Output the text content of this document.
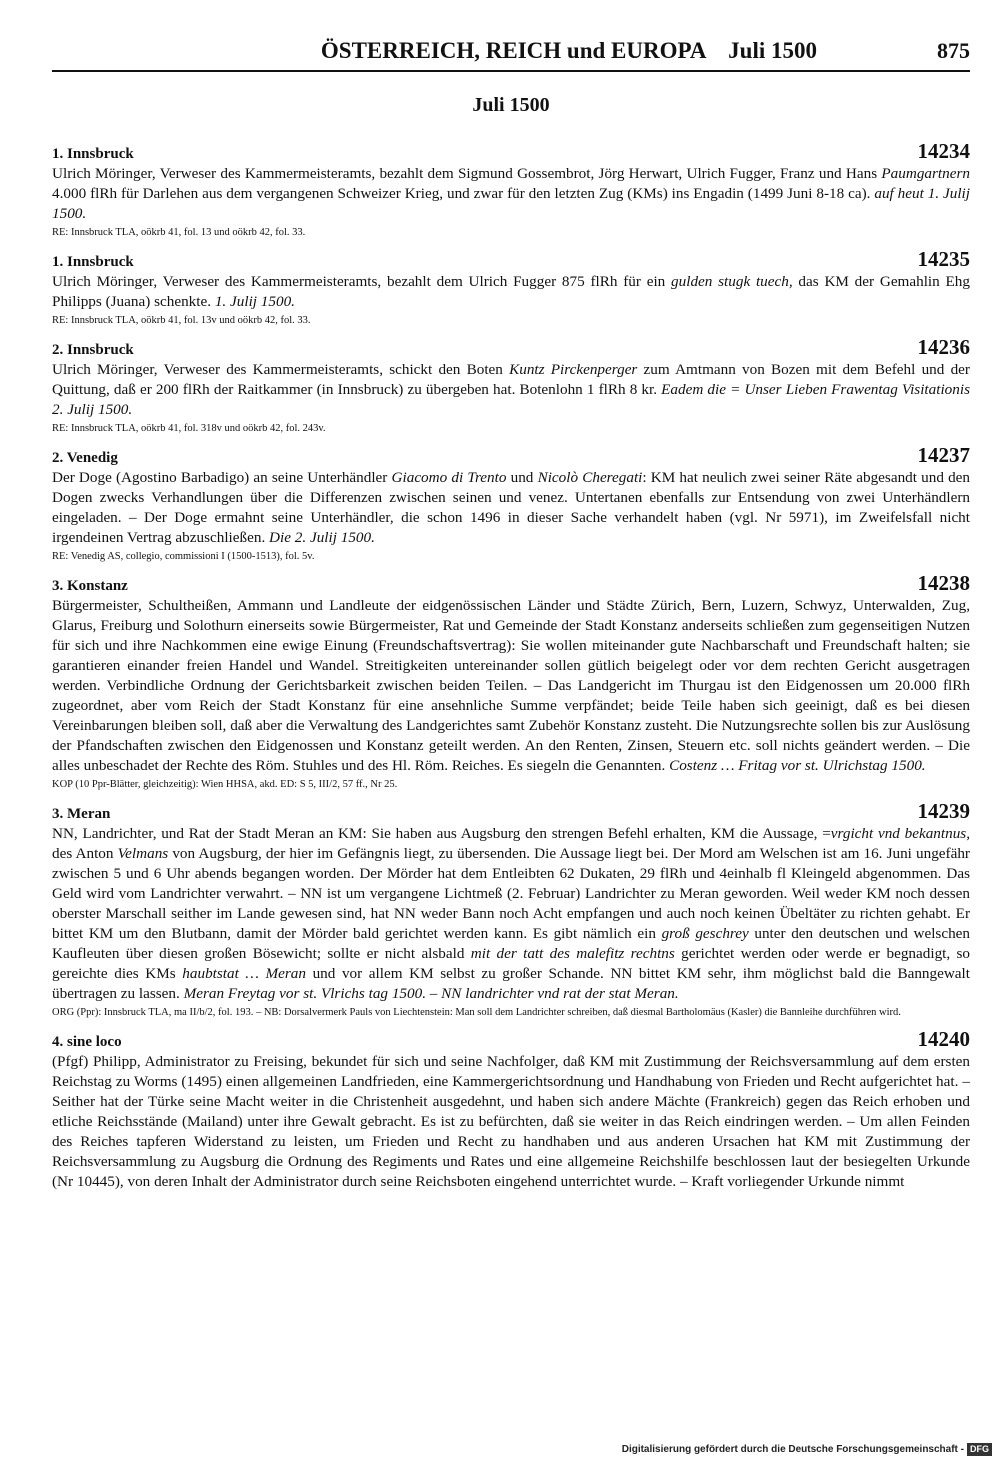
ÖSTERREICH, REICH und EUROPA    Juli 1500	875
Juli 1500
1. Innsbruck	14234
Ulrich Möringer, Verweser des Kammermeisteramts, bezahlt dem Sigmund Gossembrot, Jörg Herwart, Ulrich Fugger, Franz und Hans Paumgartnern 4.000 flRh für Darlehen aus dem vergangenen Schweizer Krieg, und zwar für den letzten Zug (KMs) ins Engadin (1499 Juni 8-18 ca). auf heut 1. Julij 1500.
RE: Innsbruck TLA, oökrb 41, fol. 13 und oökrb 42, fol. 33.
1. Innsbruck	14235
Ulrich Möringer, Verweser des Kammermeisteramts, bezahlt dem Ulrich Fugger 875 flRh für ein gulden stugk tuech, das KM der Gemahlin Ehg Philipps (Juana) schenkte. 1. Julij 1500.
RE: Innsbruck TLA, oökrb 41, fol. 13v und oökrb 42, fol. 33.
2. Innsbruck	14236
Ulrich Möringer, Verweser des Kammermeisteramts, schickt den Boten Kuntz Pirckenperger zum Amtmann von Bozen mit dem Befehl und der Quittung, daß er 200 flRh der Raitkammer (in Innsbruck) zu übergeben hat. Botenlohn 1 flRh 8 kr. Eadem die = Unser Lieben Frawentag Visitationis 2. Julij 1500.
RE: Innsbruck TLA, oökrb 41, fol. 318v und oökrb 42, fol. 243v.
2. Venedig	14237
Der Doge (Agostino Barbadigo) an seine Unterhändler Giacomo di Trento und Nicolò Cheregati: KM hat neulich zwei seiner Räte abgesandt und den Dogen zwecks Verhandlungen über die Differenzen zwischen seinen und venez. Untertanen ebenfalls zur Entsendung von zwei Unterhändlern eingeladen. – Der Doge ermahnt seine Unterhändler, die schon 1496 in dieser Sache verhandelt haben (vgl. Nr 5971), im Zweifelsfall nicht irgendeinen Vertrag abzuschließen. Die 2. Julij 1500.
RE: Venedig AS, collegio, commissioni I (1500-1513), fol. 5v.
3. Konstanz	14238
Bürgermeister, Schultheißen, Ammann und Landleute der eidgenössischen Länder und Städte Zürich, Bern, Luzern, Schwyz, Unterwalden, Zug, Glarus, Freiburg und Solothurn einerseits sowie Bürgermeister, Rat und Gemeinde der Stadt Konstanz anderseits schließen zum gegenseitigen Nutzen für sich und ihre Nachkommen eine ewige Einung (Freundschaftsvertrag): Sie wollen miteinander gute Nachbarschaft und Freundschaft halten; sie garantieren einander freien Handel und Wandel. Streitigkeiten untereinander sollen gütlich beigelegt oder vor dem rechten Gericht ausgetragen werden. Verbindliche Ordnung der Gerichtsbarkeit zwischen beiden Teilen. – Das Landgericht im Thurgau ist den Eidgenossen um 20.000 flRh zugeordnet, aber vom Reich der Stadt Konstanz für eine ansehnliche Summe verpfändet; beide Teile haben sich geeinigt, daß es bei diesen Vereinbarungen bleiben soll, daß aber die Verwaltung des Landgerichtes samt Zubehör Konstanz zusteht. Die Nutzungsrechte sollen bis zur Auslösung der Pfandschaften zwischen den Eidgenossen und Konstanz geteilt werden. An den Renten, Zinsen, Steuern etc. soll nichts geändert werden. – Die alles unbeschadet der Rechte des Röm. Stuhles und des Hl. Röm. Reiches. Es siegeln die Genannten. Costenz … Fritag vor st. Ulrichstag 1500.
KOP (10 Ppr-Blätter, gleichzeitig): Wien HHSA, akd. ED: S 5, III/2, 57 ff., Nr 25.
3. Meran	14239
NN, Landrichter, und Rat der Stadt Meran an KM: Sie haben aus Augsburg den strengen Befehl erhalten, KM die Aussage, =vrgicht vnd bekantnus, des Anton Velmans von Augsburg, der hier im Gefängnis liegt, zu übersenden. Die Aussage liegt bei. Der Mord am Welschen ist am 16. Juni ungefähr zwischen 5 und 6 Uhr abends begangen worden. Der Mörder hat dem Entleibten 62 Dukaten, 29 flRh und 4einhalb fl Kleingeld abgenommen. Das Geld wird vom Landrichter verwahrt. – NN ist um vergangene Lichtmeß (2. Februar) Landrichter zu Meran geworden. Weil weder KM noch dessen oberster Marschall seither im Lande gewesen sind, hat NN weder Bann noch Acht empfangen und auch noch keinen Übeltäter zu richten gehabt. Er bittet KM um den Blutbann, damit der Mörder bald gerichtet werden kann. Es gibt nämlich ein groß geschrey unter den deutschen und welschen Kaufleuten über diesen großen Bösewicht; sollte er nicht alsbald mit der tatt des malefitz rechtns gerichtet werden oder werde er begnadigt, so gereichte dies KMs haubtstat … Meran und vor allem KM selbst zu großer Schande. NN bittet KM sehr, ihm möglichst bald die Banngewalt übertragen zu lassen. Meran Freytag vor st. Vlrichs tag 1500. – NN landrichter vnd rat der stat Meran.
ORG (Ppr): Innsbruck TLA, ma II/b/2, fol. 193. – NB: Dorsalvermerk Pauls von Liechtenstein: Man soll dem Landrichter schreiben, daß diesmal Bartholomäus (Kasler) die Bannleihe durchführen wird.
4. sine loco	14240
(Pfgf) Philipp, Administrator zu Freising, bekundet für sich und seine Nachfolger, daß KM mit Zustimmung der Reichsversammlung auf dem ersten Reichstag zu Worms (1495) einen allgemeinen Landfrieden, eine Kammergerichtsordnung und Handhabung von Frieden und Recht aufgerichtet hat. – Seither hat der Türke seine Macht weiter in die Christenheit ausgedehnt, und haben sich andere Mächte (Frankreich) gegen das Reich erhoben und etliche Reichsstände (Mailand) unter ihre Gewalt gebracht. Es ist zu befürchten, daß sie weiter in das Reich eindringen werden. – Um allen Feinden des Reiches tapferen Widerstand zu leisten, um Frieden und Recht zu handhaben und aus anderen Ursachen hat KM mit Zustimmung der Reichsversammlung zu Augsburg die Ordnung des Regiments und Rates und eine allgemeine Reichshilfe beschlossen laut der besiegelten Urkunde (Nr 10445), von deren Inhalt der Administrator durch seine Reichsboten eingehend unterrichtet wurde. – Kraft vorliegender Urkunde nimmt
Digitalisierung gefördert durch die Deutsche Forschungsgemeinschaft - DFG
